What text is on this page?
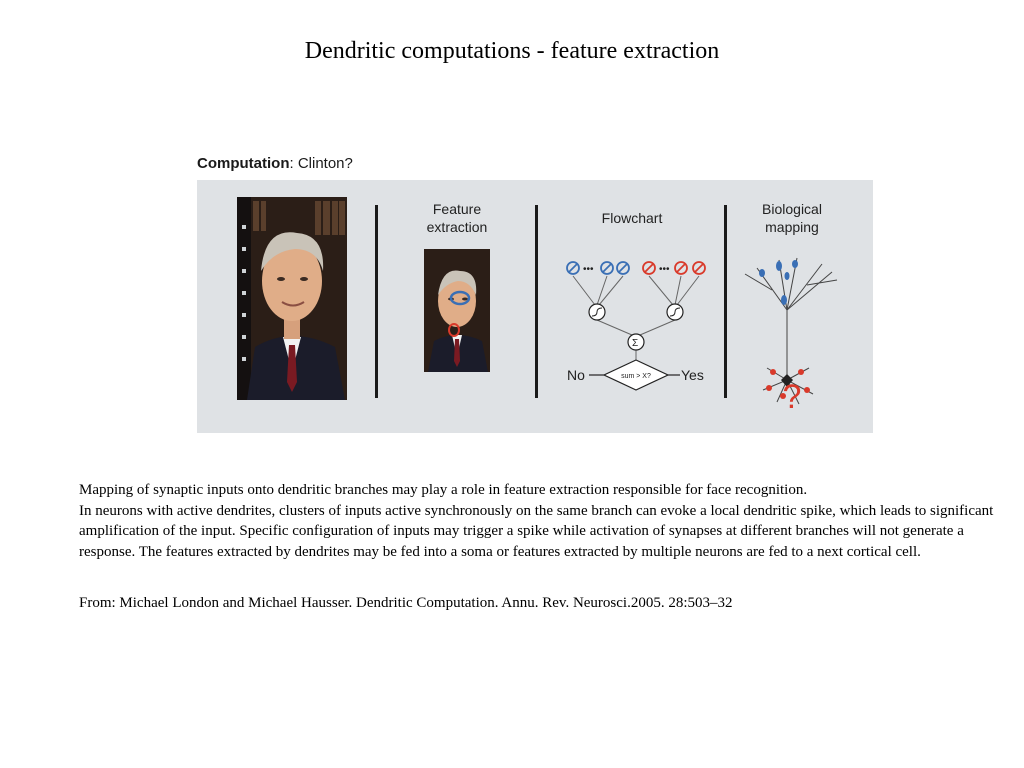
Dendritic computations - feature extraction
Computation: Clinton?
Feature
extraction
Flowchart
•••	•••
Σ
sum > X?
No	Yes
Biological
mapping
?

Mapping of synaptic inputs onto dendritic branches may play a role in feature extraction responsible for face recognition.

In neurons with active dendrites, clusters of inputs active synchronously on the same branch can evoke a local dendritic spike, which leads to significant amplification of the input. Specific configuration of inputs may trigger a spike while activation of synapses at different branches will not generate a response. The features extracted by dendrites may be fed into a soma or features extracted by multiple neurons are fed to a next cortical cell.

From: Michael London and Michael Hausser. Dendritic Computation. Annu. Rev. Neurosci.2005. 28:503–32
